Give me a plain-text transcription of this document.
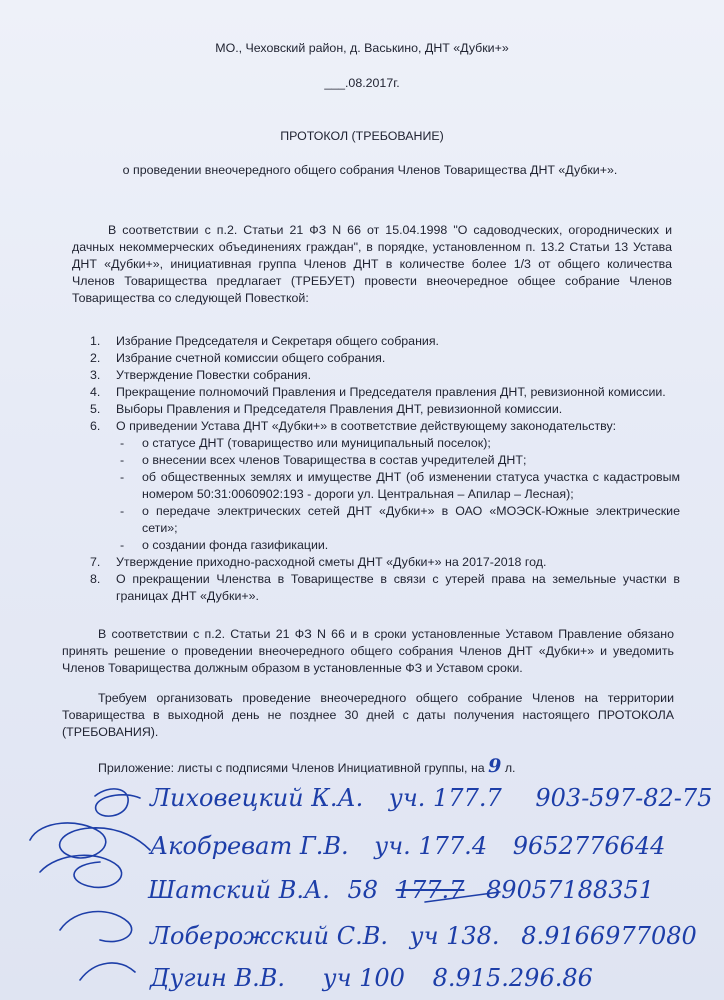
МО., Чеховский район, д. Васькино, ДНТ «Дубки+»
___.08.2017г.
ПРОТОКОЛ (ТРЕБОВАНИЕ)
о проведении внеочередного общего собрания Членов Товарищества ДНТ «Дубки+».
В соответствии с п.2. Статьи 21 ФЗ N 66 от 15.04.1998 "О садоводческих, огороднических и дачных некоммерческих объединениях граждан", в порядке, установленном п. 13.2 Статьи 13 Устава ДНТ «Дубки+», инициативная группа Членов ДНТ в количестве более 1/3 от общего количества Членов Товарищества предлагает (ТРЕБУЕТ) провести внеочередное общее собрание Членов Товарищества со следующей Повесткой:
1. Избрание Председателя и Секретаря общего собрания.
2. Избрание счетной комиссии общего собрания.
3. Утверждение Повестки собрания.
4. Прекращение полномочий Правления и Председателя правления ДНТ, ревизионной комиссии.
5. Выборы Правления и Председателя Правления ДНТ, ревизионной комиссии.
6. О приведении Устава ДНТ «Дубки+» в соответствие действующему законодательству:
- о статусе ДНТ (товарищество или муниципальный поселок);
- о внесении всех членов Товарищества в состав учредителей ДНТ;
- об общественных землях и имуществе ДНТ (об изменении статуса участка с кадастровым номером 50:31:0060902:193 - дороги ул. Центральная – Апилар – Лесная);
- о передаче электрических сетей ДНТ «Дубки+» в ОАО «МОЭСК-Южные электрические сети»;
- о создании фонда газификации.
7. Утверждение приходно-расходной сметы ДНТ «Дубки+» на 2017-2018 год.
8. О прекращении Членства в Товариществе в связи с утерей права на земельные участки в границах ДНТ «Дубки+».
В соответствии с п.2. Статьи 21 ФЗ N 66 и в сроки установленные Уставом Правление обязано принять решение о проведении внеочередного общего собрания Членов ДНТ «Дубки+» и уведомить Членов Товарищества должным образом в установленные ФЗ и Уставом сроки.
Требуем организовать проведение внеочередного общего собрание Членов на территории Товарищества в выходной день не позднее 30 дней с даты получения настоящего ПРОТОКОЛА (ТРЕБОВАНИЯ).
Приложение: листы с подписями Членов Инициативной группы, на 9 л.
Лиховецкий К.А. уч. 177.7 903-597-82-75
Акобреват Г.В. уч. 177.4 9652776644
Шатский В.А. 58 177.7 89057188351
Лоберожский С.В. уч 138. 8.9166977080
Дугин В.В. уч 100 8.915.296.86
